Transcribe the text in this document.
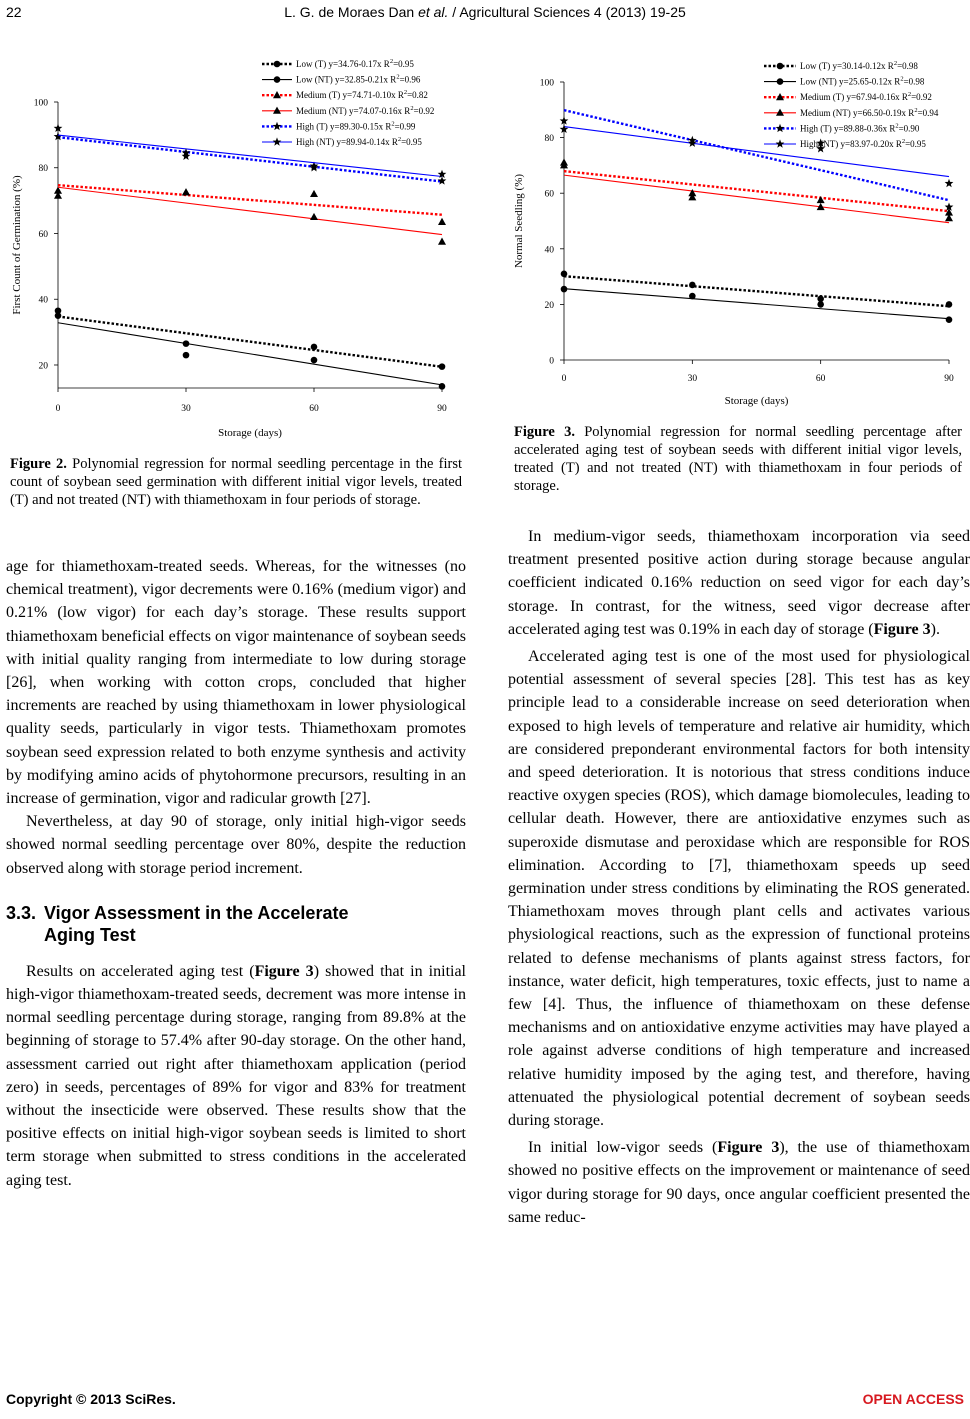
22	L. G. de Moraes Dan et al. / Agricultural Sciences 4 (2013) 19-25
20
40
60
80
100
0	30	60	90
Storage (days)
First Count of Germination (%)
Low (T) y=34.76-0.17x $R^2=0.95$
Low (NT) y=32.85-0.21x $R^2=0.96$
Medium (T) y=74.71-0.10x $R^2=0.82$
Medium (NT) y=74.07-0.16x $R^2=0.92$
High (T) y=89.30-0.15x $R^2=0.99$
High (NT) y=89.94-0.14x $R^2=0.95$
Figure 2. Polynomial regression for normal seedling percentage in the first count of soybean seed germination with different initial vigor levels, treated (T) and not treated (NT) with thiamethoxam in four periods of storage.
0
20
40
60
80
100
0	30	60	90
Storage (days)
Normal Seedling (%)
Low (T) y=30.14-0.12x $R^2=0.98$
Low (NT) y=25.65-0.12x $R^2=0.98$
Medium (T) y=67.94-0.16x $R^2=0.92$
Medium (NT) y=66.50-0.19x $R^2=0.94$
High (T) y=89.88-0.36x $R^2=0.90$
High (NT) y=83.97-0.20x $R^2=0.95$
Figure 3. Polynomial regression for normal seedling percentage after accelerated aging test of soybean seeds with different initial vigor levels, treated (T) and not treated (NT) with thiamethoxam in four periods of storage.

age for thiamethoxam-treated seeds. Whereas, for the witnesses (no chemical treatment), vigor decrements were 0.16% (medium vigor) and 0.21% (low vigor) for each day’s storage. These results support thiamethoxam beneficial effects on vigor maintenance of soybean seeds with initial quality ranging from intermediate to low during storage [26], when working with cotton crops, concluded that higher increments are reached by using thiamethoxam in lower physiological quality seeds, particularly in vigor tests. Thiamethoxam promotes soybean seed expression related to both enzyme synthesis and activity by modifying amino acids of phytohormone precursors, resulting in an increase of germination, vigor and radicular growth [27].

Nevertheless, at day 90 of storage, only initial high-vigor seeds showed normal seedling percentage over 80%, despite the reduction observed along with storage period increment.

3.3. Vigor Assessment in the Accelerate
Aging Test

Results on accelerated aging test (Figure 3) showed that in initial high-vigor thiamethoxam-treated seeds, decrement was more intense in normal seedling percentage during storage, ranging from 89.8% at the beginning of storage to 57.4% after 90-day storage. On the other hand, assessment carried out right after thiamethoxam application (period zero) in seeds, percentages of 89% for vigor and 83% for treatment without the insecticide were observed. These results show that the positive effects on initial high-vigor soybean seeds is limited to short term storage when submitted to stress conditions in the accelerated aging test.

In medium-vigor seeds, thiamethoxam incorporation via seed treatment presented positive action during storage because angular coefficient indicated 0.16% reduction on seed vigor for each day’s storage. In contrast, for the witness, seed vigor decrease after accelerated aging test was 0.19% in each day of storage (Figure 3).

Accelerated aging test is one of the most used for physiological potential assessment of several species [28]. This test has as key principle lead to a considerable increase on seed deterioration when exposed to high levels of temperature and relative air humidity, which are considered preponderant environmental factors for both intensity and speed deterioration. It is notorious that stress conditions induce reactive oxygen species (ROS), which damage biomolecules, leading to cellular death. However, there are antioxidative enzymes such as superoxide dismutase and peroxidase which are responsible for ROS elimination. According to [7], thiamethoxam speeds up seed germination under stress conditions by eliminating the ROS generated. Thiamethoxam moves through plant cells and activates various physiological reactions, such as the expression of functional proteins related to defense mechanisms of plants against stress factors, for instance, water deficit, high temperatures, toxic effects, just to name a few [4]. Thus, the influence of thiamethoxam on these defense mechanisms and on antioxidative enzyme activities may have played a role against adverse conditions of high temperature and increased relative humidity imposed by the aging test, and therefore, having attenuated the physiological potential decrement of soybean seeds during storage.

In initial low-vigor seeds (Figure 3), the use of thiamethoxam showed no positive effects on the improvement or maintenance of seed vigor during storage for 90 days, once angular coefficient presented the same reduc-

Copyright © 2013 SciRes.	OPEN ACCESS
